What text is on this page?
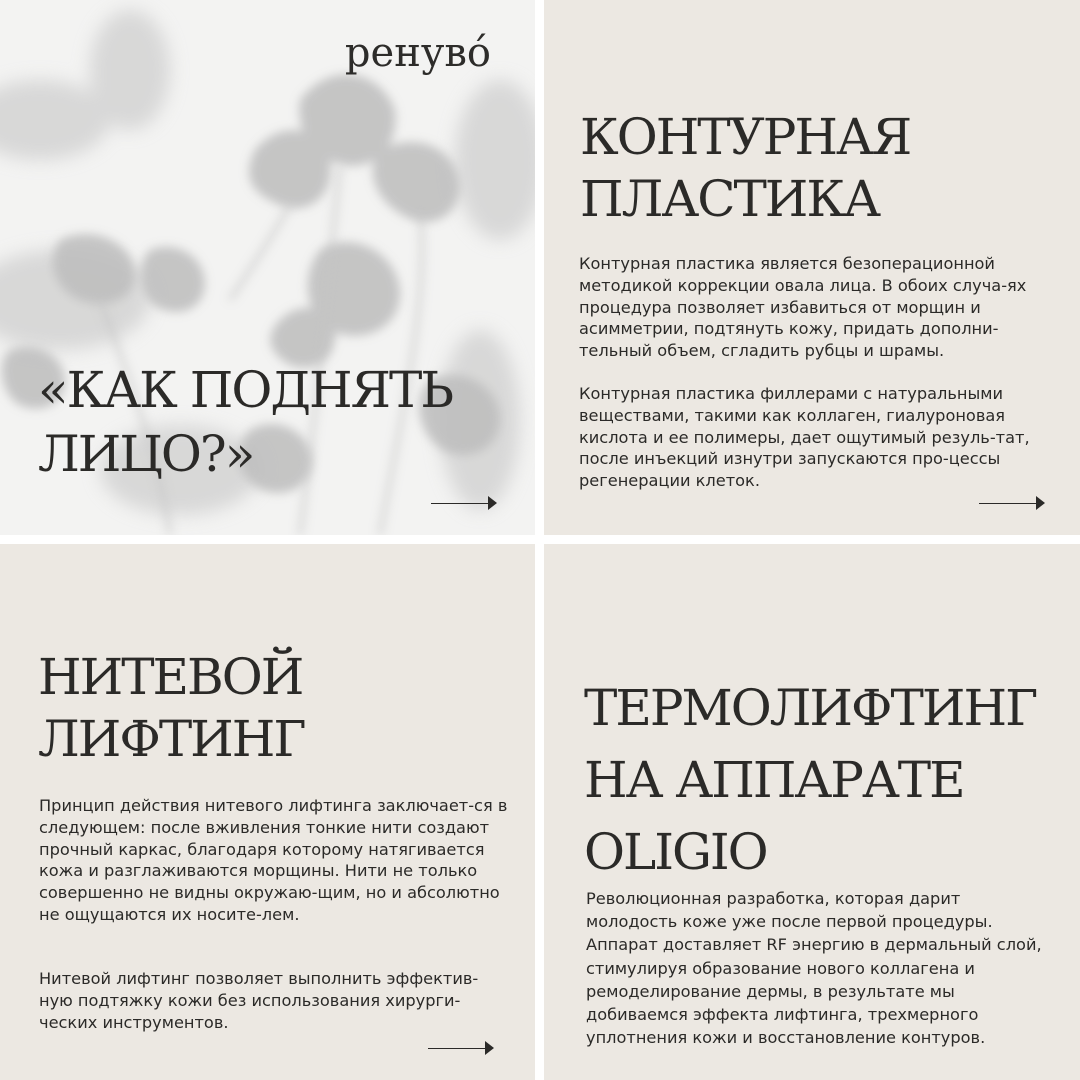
ренуво́
«КАК ПОДНЯТЬ
ЛИЦО?»
КОНТУРНАЯ
ПЛАСТИКА

Контурная пластика является безоперационной методикой коррекции овала лица. В обоих случа-ях процедура позволяет избавиться от морщин и асимметрии, подтянуть кожу, придать дополни-тельный объем, сгладить рубцы и шрамы.

Контурная пластика филлерами с натуральными веществами, такими как коллаген, гиалуроновая кислота и ее полимеры, дает ощутимый резуль-тат, после инъекций изнутри запускаются про-цессы регенерации клеток.

НИТЕВОЙ
ЛИФТИНГ

Принцип действия нитевого лифтинга заключает-ся в следующем: после вживления тонкие нити создают прочный каркас, благодаря которому натягивается кожа и разглаживаются морщины. Нити не только совершенно не видны окружаю-щим, но и абсолютно не ощущаются их носите-лем.

Нитевой лифтинг позволяет выполнить эффектив-ную подтяжку кожи без использования хирурги-ческих инструментов.

ТЕРМОЛИФТИНГ
НА АППАРАТЕ
OLIGIO

Революционная разработка, которая дарит молодость коже уже после первой процедуры. Аппарат доставляет RF энергию в дермальный слой, стимулируя образование нового коллагена и ремоделирование дермы, в результате мы добиваемся эффекта лифтинга, трехмерного уплотнения кожи и восстановление контуров.
